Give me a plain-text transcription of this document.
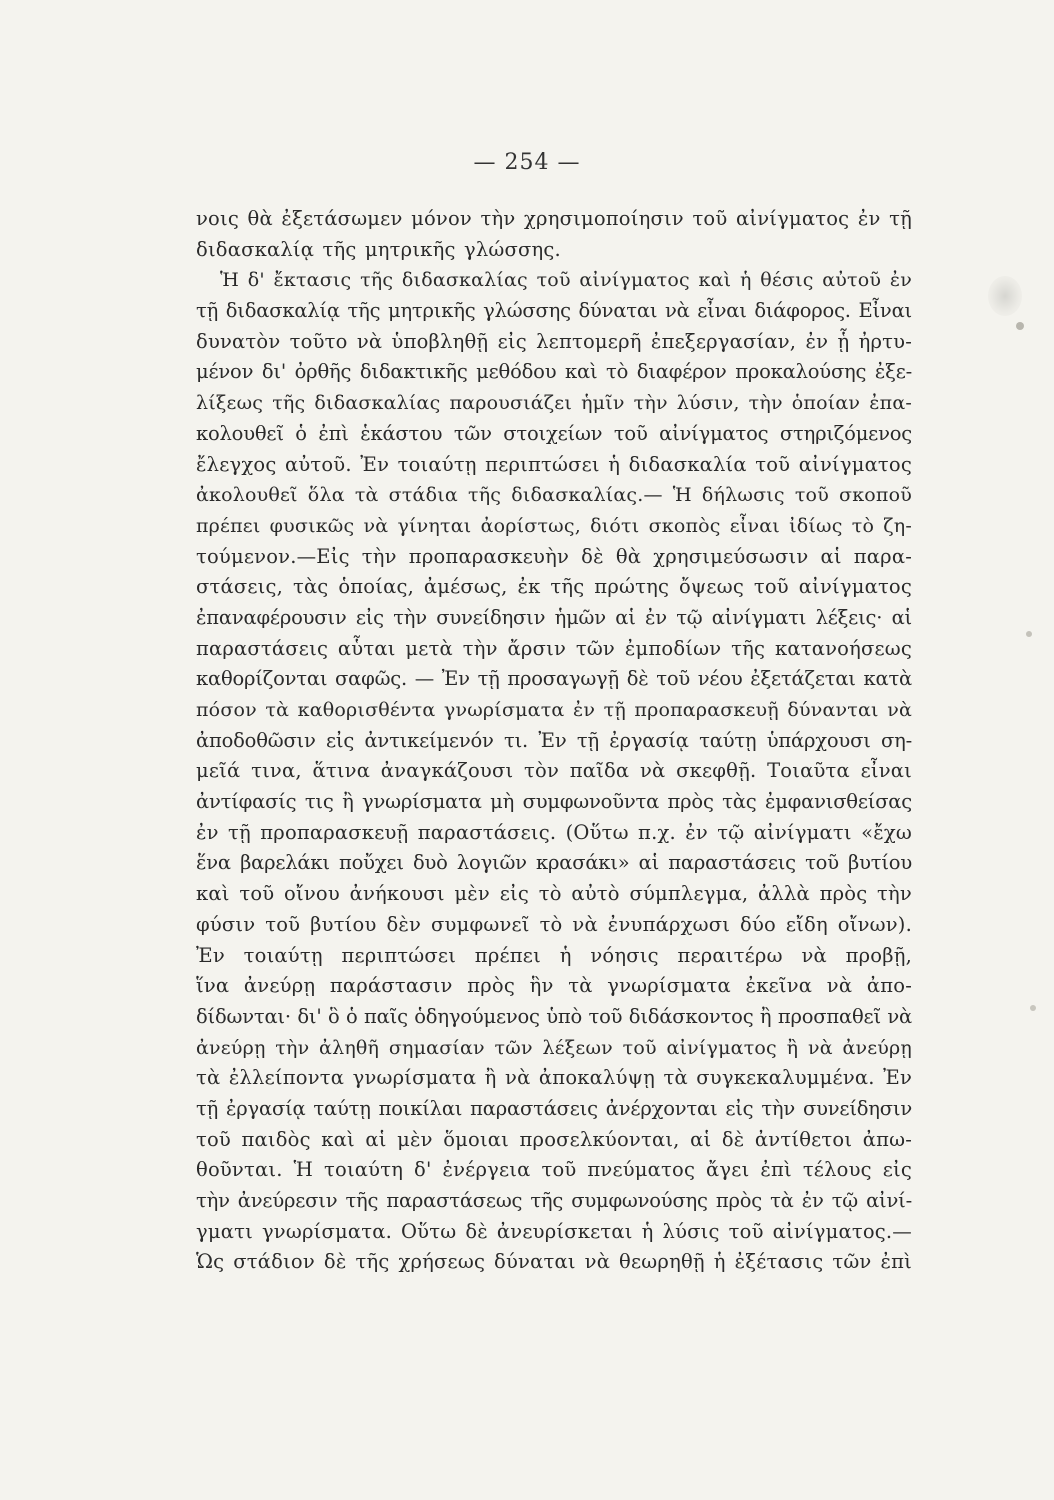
— 254 —
νοις θὰ ἐξετάσωμεν μόνον τὴν χρησιμοποίησιν τοῦ αἰνίγματος ἐν τῇ
διδασκαλίᾳ τῆς μητρικῆς γλώσσης.
Ἡ δ' ἔκτασις τῆς διδασκαλίας τοῦ αἰνίγματος καὶ ἡ θέσις αὐτοῦ ἐν
τῇ διδασκαλίᾳ τῆς μητρικῆς γλώσσης δύναται νὰ εἶναι διάφορος. Εἶναι
δυνατὸν τοῦτο νὰ ὑποβληθῇ εἰς λεπτομερῆ ἐπεξεργασίαν, ἐν ᾗ ἠρτυ-
μένον δι' ὀρθῆς διδακτικῆς μεθόδου καὶ τὸ διαφέρον προκαλούσης ἐξε-
λίξεως τῆς διδασκαλίας παρουσιάζει ἡμῖν τὴν λύσιν, τὴν ὁποίαν ἐπα-
κολουθεῖ ὁ ἐπὶ ἑκάστου τῶν στοιχείων τοῦ αἰνίγματος στηριζόμενος
ἔλεγχος αὐτοῦ. Ἐν τοιαύτῃ περιπτώσει ἡ διδασκαλία τοῦ αἰνίγματος
ἀκολουθεῖ ὅλα τὰ στάδια τῆς διδασκαλίας.— Ἡ δήλωσις τοῦ σκοποῦ
πρέπει φυσικῶς νὰ γίνηται ἀορίστως, διότι σκοπὸς εἶναι ἰδίως τὸ ζη-
τούμενον.—Εἰς τὴν προπαρασκευὴν δὲ θὰ χρησιμεύσωσιν αἱ παρα-
στάσεις, τὰς ὁποίας, ἀμέσως, ἐκ τῆς πρώτης ὄψεως τοῦ αἰνίγματος
ἐπαναφέρουσιν εἰς τὴν συνείδησιν ἡμῶν αἱ ἐν τῷ αἰνίγματι λέξεις· αἱ
παραστάσεις αὗται μετὰ τὴν ἄρσιν τῶν ἐμποδίων τῆς κατανοήσεως
καθορίζονται σαφῶς. — Ἐν τῇ προσαγωγῇ δὲ τοῦ νέου ἐξετάζεται κατὰ
πόσον τὰ καθορισθέντα γνωρίσματα ἐν τῇ προπαρασκευῇ δύνανται νὰ
ἀποδοθῶσιν εἰς ἀντικείμενόν τι. Ἐν τῇ ἐργασίᾳ ταύτῃ ὑπάρχουσι ση-
μεῖά τινα, ἅτινα ἀναγκάζουσι τὸν παῖδα νὰ σκεφθῇ. Τοιαῦτα εἶναι
ἀντίφασίς τις ἢ γνωρίσματα μὴ συμφωνοῦντα πρὸς τὰς ἐμφανισθείσας
ἐν τῇ προπαρασκευῇ παραστάσεις. (Οὕτω π.χ. ἐν τῷ αἰνίγματι «ἔχω
ἕνα βαρελάκι ποὔχει δυὸ λογιῶν κρασάκι» αἱ παραστάσεις τοῦ βυτίου
καὶ τοῦ οἴνου ἀνήκουσι μὲν εἰς τὸ αὐτὸ σύμπλεγμα, ἀλλὰ πρὸς τὴν
φύσιν τοῦ βυτίου δὲν συμφωνεῖ τὸ νὰ ἐνυπάρχωσι δύο εἴδη οἴνων).
Ἐν τοιαύτῃ περιπτώσει πρέπει ἡ νόησις περαιτέρω νὰ προβῇ,
ἵνα ἀνεύρῃ παράστασιν πρὸς ἣν τὰ γνωρίσματα ἐκεῖνα νὰ ἀπο-
δίδωνται· δι' ὃ ὁ παῖς ὁδηγούμενος ὑπὸ τοῦ διδάσκοντος ἢ προσπαθεῖ νὰ
ἀνεύρῃ τὴν ἀληθῆ σημασίαν τῶν λέξεων τοῦ αἰνίγματος ἢ νὰ ἀνεύρῃ
τὰ ἐλλείποντα γνωρίσματα ἢ νὰ ἀποκαλύψῃ τὰ συγκεκαλυμμένα. Ἐν
τῇ ἐργασίᾳ ταύτῃ ποικίλαι παραστάσεις ἀνέρχονται εἰς τὴν συνείδησιν
τοῦ παιδὸς καὶ αἱ μὲν ὅμοιαι προσελκύονται, αἱ δὲ ἀντίθετοι ἀπω-
θοῦνται. Ἡ τοιαύτη δ' ἐνέργεια τοῦ πνεύματος ἄγει ἐπὶ τέλους εἰς
τὴν ἀνεύρεσιν τῆς παραστάσεως τῆς συμφωνούσης πρὸς τὰ ἐν τῷ αἰνί-
γματι γνωρίσματα. Οὕτω δὲ ἀνευρίσκεται ἡ λύσις τοῦ αἰνίγματος.—
Ὡς στάδιον δὲ τῆς χρήσεως δύναται νὰ θεωρηθῇ ἡ ἐξέτασις τῶν ἐπὶ
